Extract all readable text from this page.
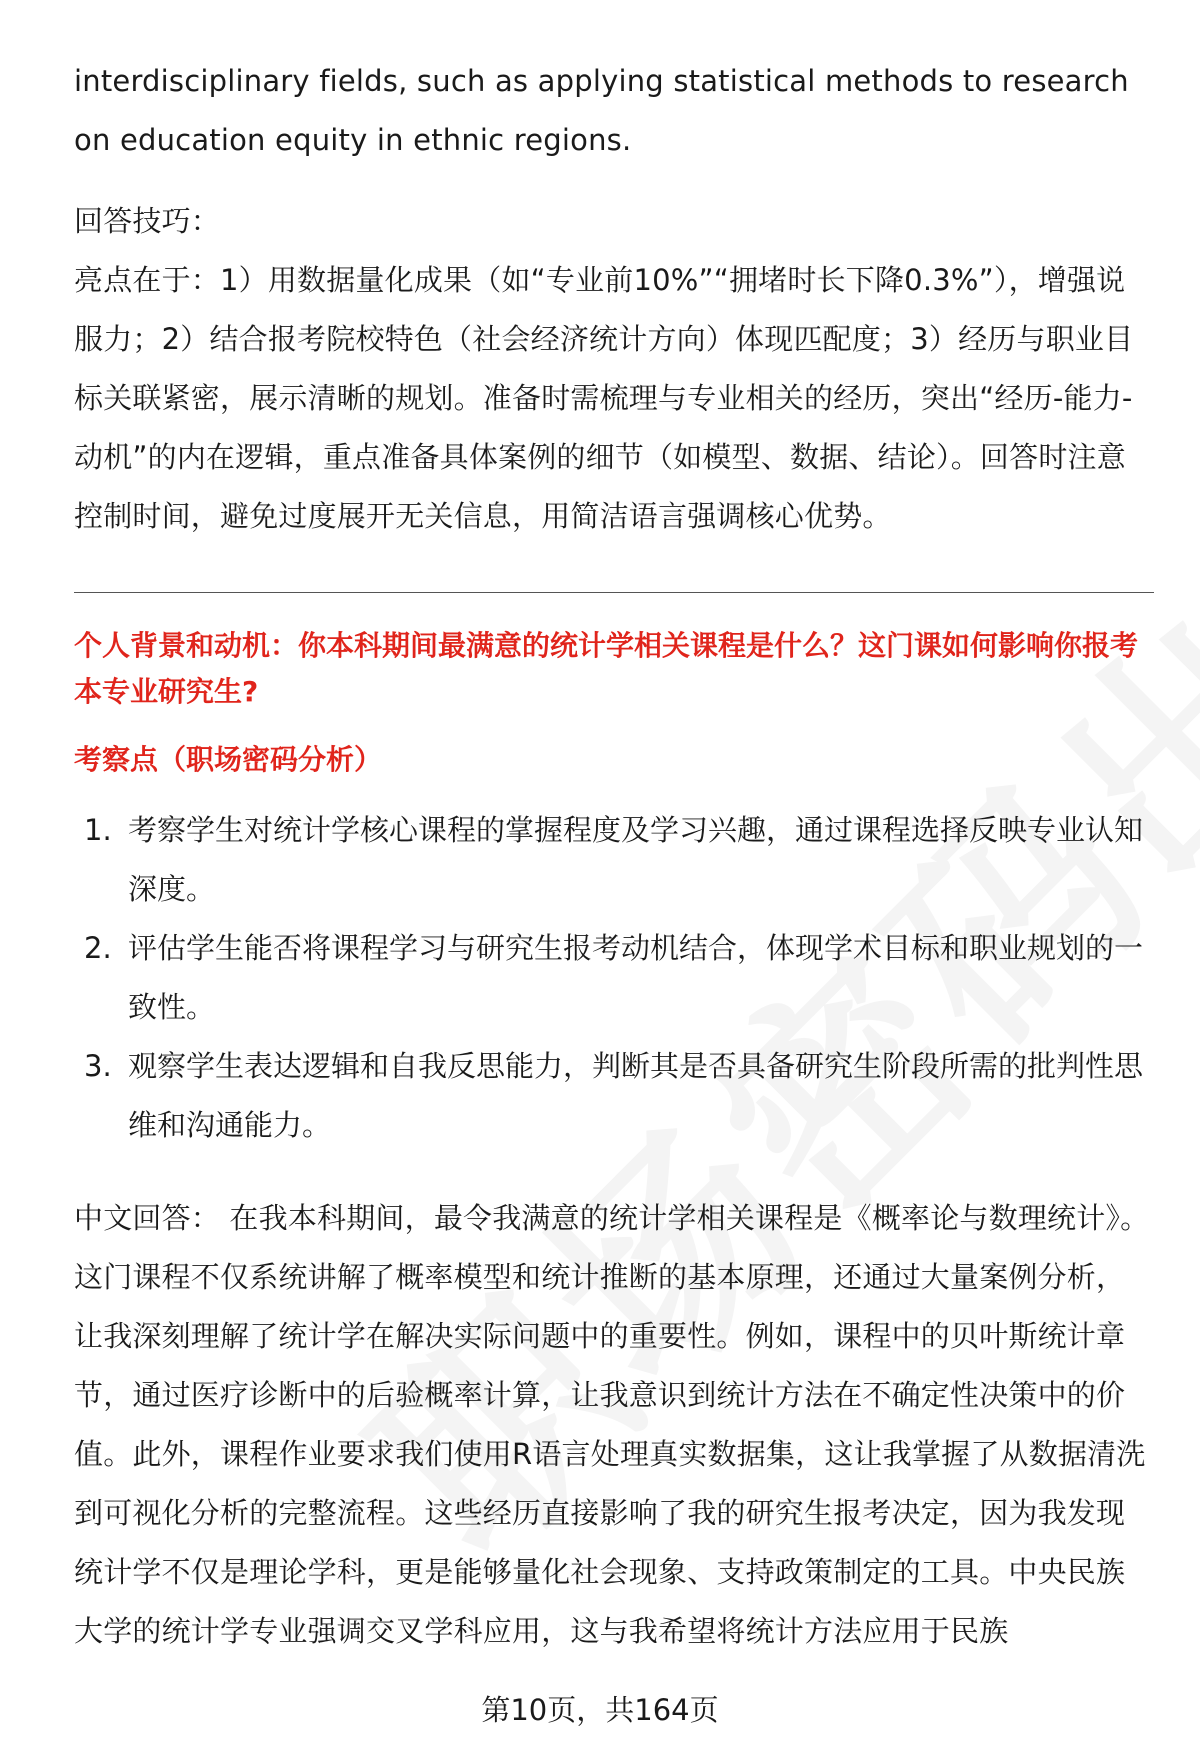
interdisciplinary fields, such as applying statistical methods to research on education equity in ethnic regions.

回答技巧：

亮点在于：1）用数据量化成果（如“专业前10%”“拥堵时长下降0.3%”），增强说服力；2）结合报考院校特色（社会经济统计方向）体现匹配度；3）经历与职业目标关联紧密，展示清晰的规划。准备时需梳理与专业相关的经历，突出“经历-能力-动机”的内在逻辑，重点准备具体案例的细节（如模型、数据、结论）。回答时注意控制时间，避免过度展开无关信息，用简洁语言强调核心优势。

个人背景和动机：你本科期间最满意的统计学相关课程是什么？这门课如何影响你报考本专业研究生?
考察点（职场密码分析）
1. 考察学生对统计学核心课程的掌握程度及学习兴趣，通过课程选择反映专业认知深度。
2. 评估学生能否将课程学习与研究生报考动机结合，体现学术目标和职业规划的一致性。
3. 观察学生表达逻辑和自我反思能力，判断其是否具备研究生阶段所需的批判性思维和沟通能力。

中文回答： 在我本科期间，最令我满意的统计学相关课程是《概率论与数理统计》。这门课程不仅系统讲解了概率模型和统计推断的基本原理，还通过大量案例分析，让我深刻理解了统计学在解决实际问题中的重要性。例如，课程中的贝叶斯统计章节，通过医疗诊断中的后验概率计算，让我意识到统计方法在不确定性决策中的价值。此外，课程作业要求我们使用R语言处理真实数据集，这让我掌握了从数据清洗到可视化分析的完整流程。这些经历直接影响了我的研究生报考决定，因为我发现统计学不仅是理论学科，更是能够量化社会现象、支持政策制定的工具。中央民族大学的统计学专业强调交叉学科应用，这与我希望将统计方法应用于民族

第10页，共164页
